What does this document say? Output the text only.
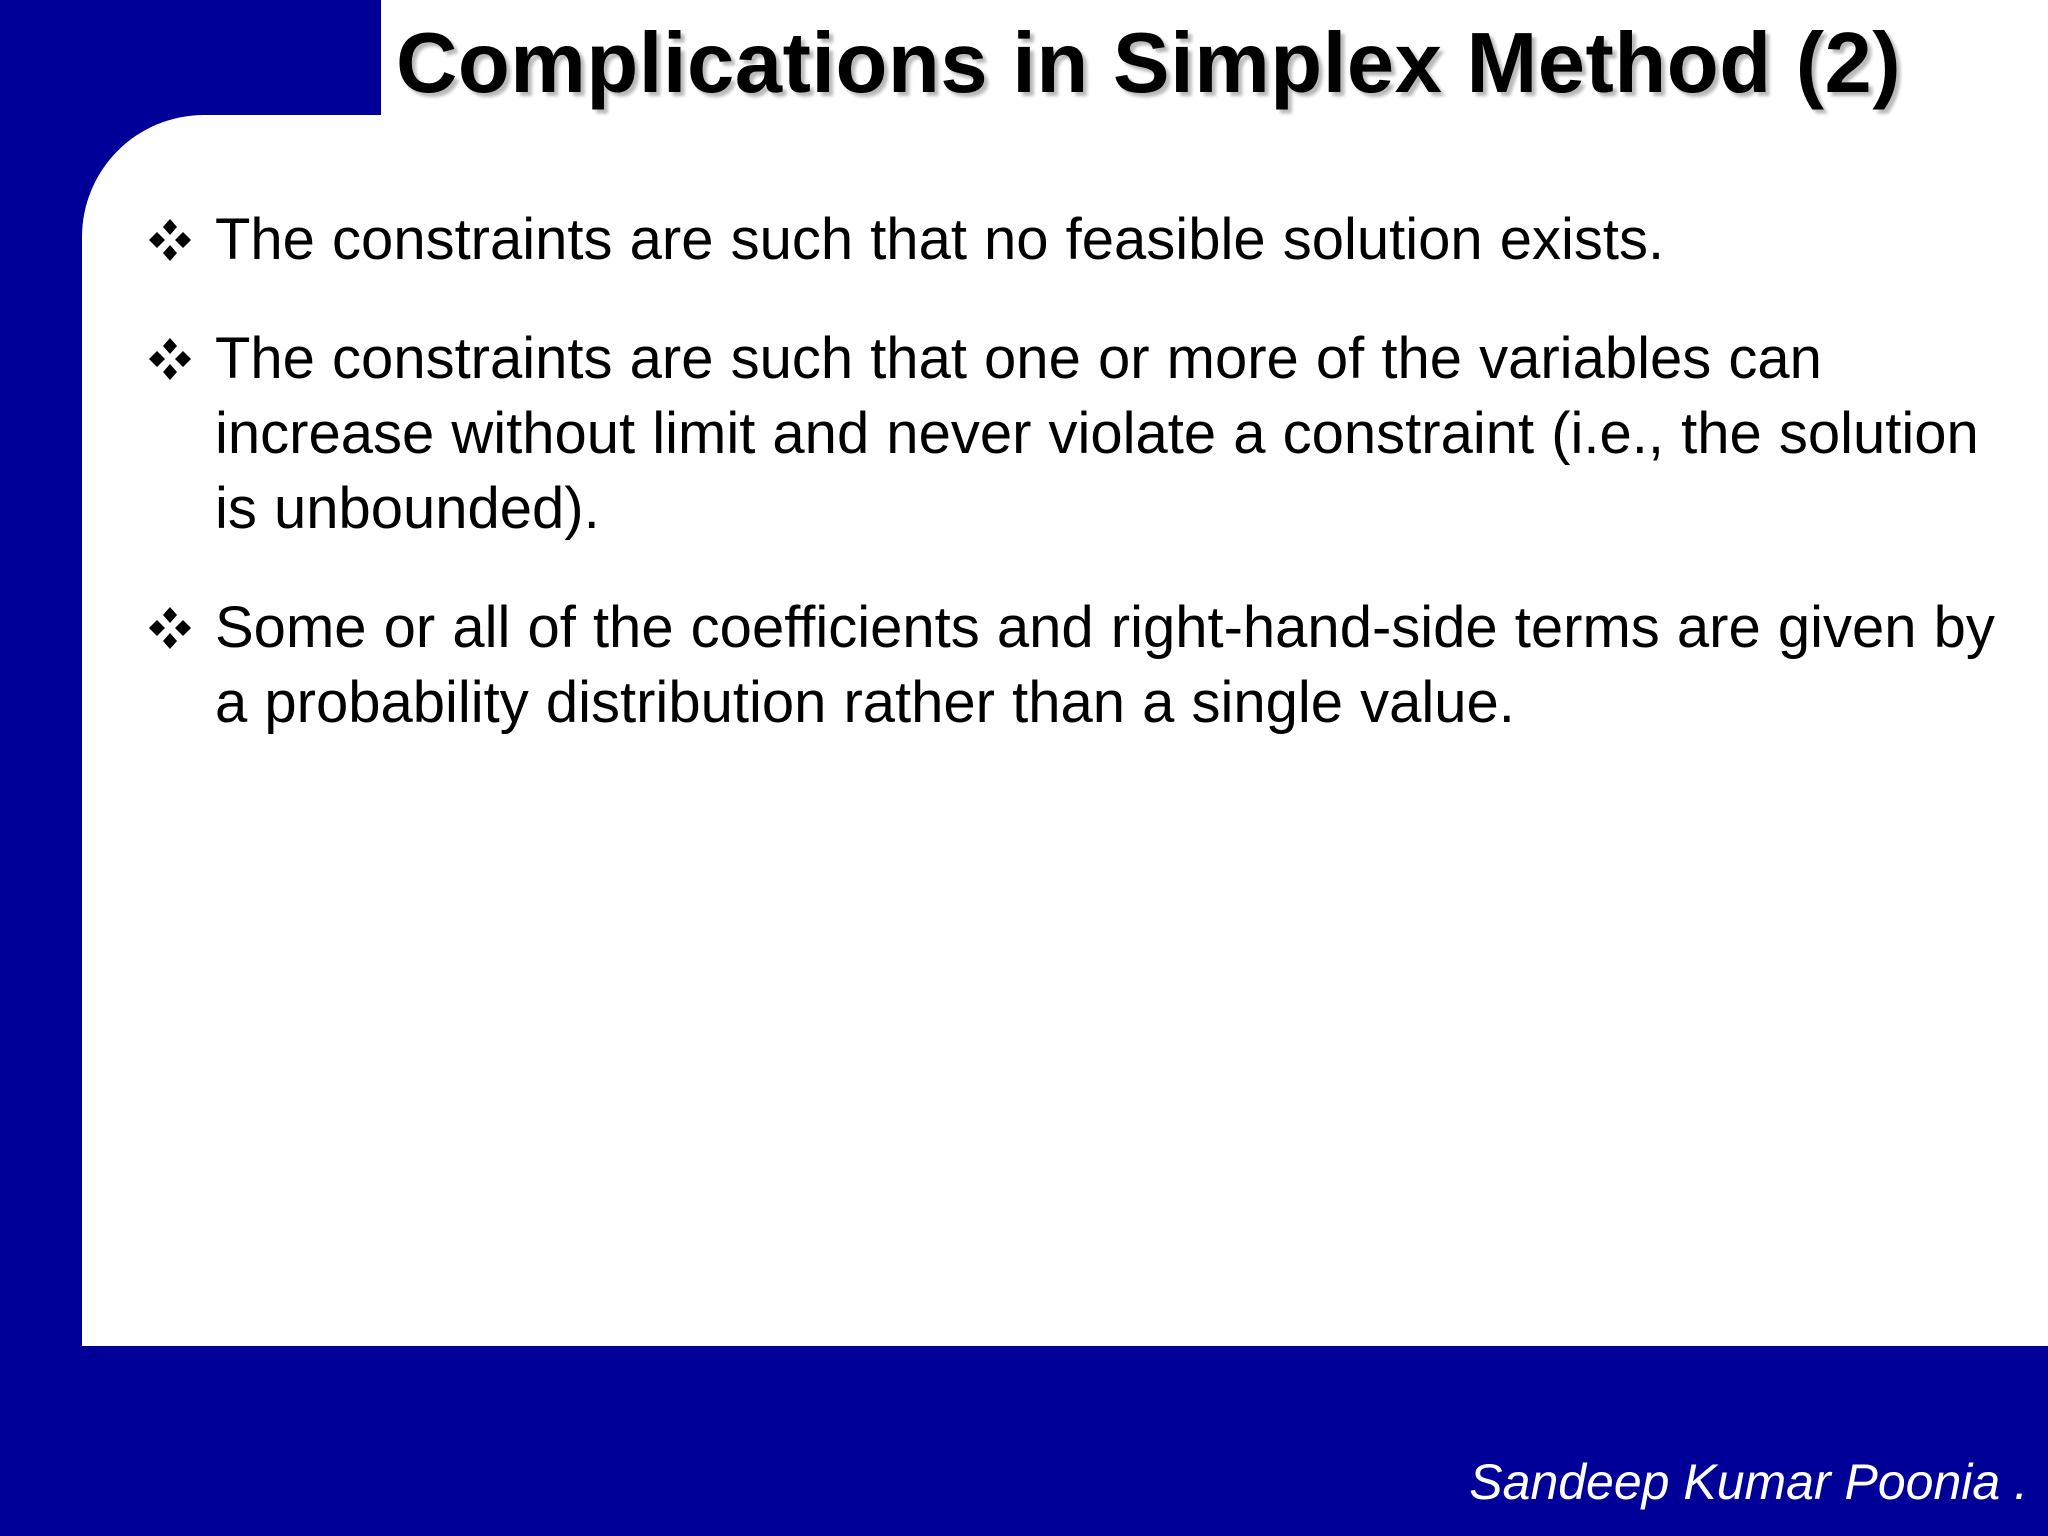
Complications in Simplex Method (2)

The constraints are such that no feasible solution exists.

The constraints are such that one or more of the variables can increase without limit and never violate a constraint (i.e., the solution is unbounded).

Some or all of the coefficients and right-hand-side terms are given by a probability distribution rather than a single value.

Sandeep Kumar Poonia .
